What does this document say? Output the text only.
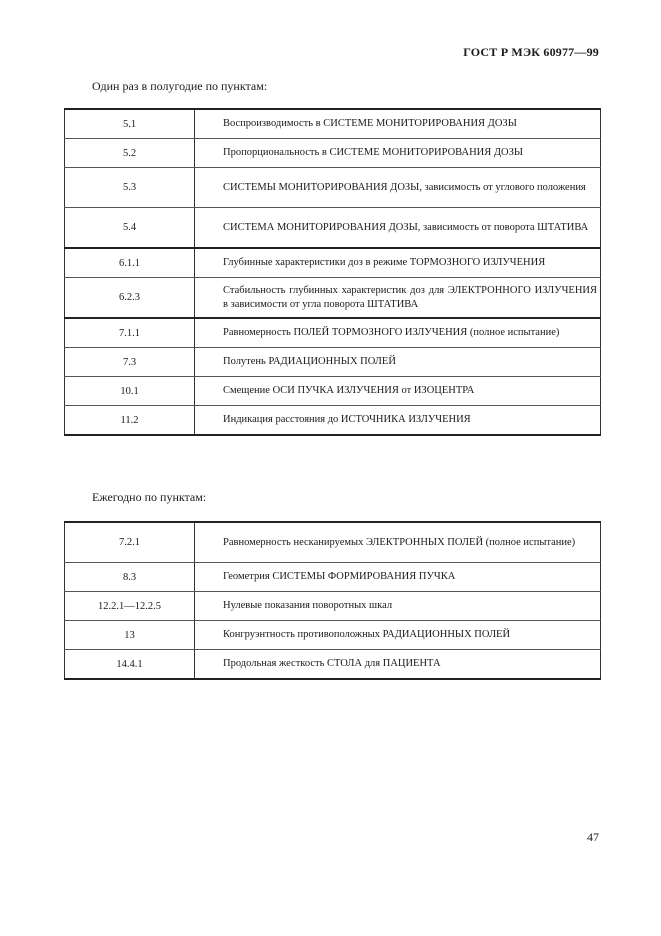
ГОСТ Р МЭК 60977—99
Один раз в полугодие по пунктам:
5.1	Воспроизводимость в СИСТЕМЕ МОНИТОРИРОВАНИЯ ДОЗЫ
5.2	Пропорциональность в СИСТЕМЕ МОНИТОРИРОВАНИЯ ДОЗЫ
5.3	СИСТЕМЫ МОНИТОРИРОВАНИЯ ДОЗЫ, зависимость от углового положения
5.4	СИСТЕМА МОНИТОРИРОВАНИЯ ДОЗЫ, зависимость от поворота ШТАТИВА
6.1.1	Глубинные характеристики доз в режиме ТОРМОЗНОГО ИЗЛУЧЕНИЯ
6.2.3	Стабильность глубинных характеристик доз для ЭЛЕКТРОННОГО ИЗЛУЧЕНИЯ в зависимости от угла поворота ШТАТИВА
7.1.1	Равномерность ПОЛЕЙ ТОРМОЗНОГО ИЗЛУЧЕНИЯ (полное испытание)
7.3	Полутень РАДИАЦИОННЫХ ПОЛЕЙ
10.1	Смещение ОСИ ПУЧКА ИЗЛУЧЕНИЯ от ИЗОЦЕНТРА
11.2	Индикация расстояния до ИСТОЧНИКА ИЗЛУЧЕНИЯ
Ежегодно по пунктам:
7.2.1	Равномерность несканируемых ЭЛЕКТРОННЫХ ПОЛЕЙ (полное испытание)
8.3	Геометрия СИСТЕМЫ ФОРМИРОВАНИЯ ПУЧКА
12.2.1—12.2.5	Нулевые показания поворотных шкал
13	Конгруэнтность противоположных РАДИАЦИОННЫХ ПОЛЕЙ
14.4.1	Продольная жесткость СТОЛА для ПАЦИЕНТА
47
